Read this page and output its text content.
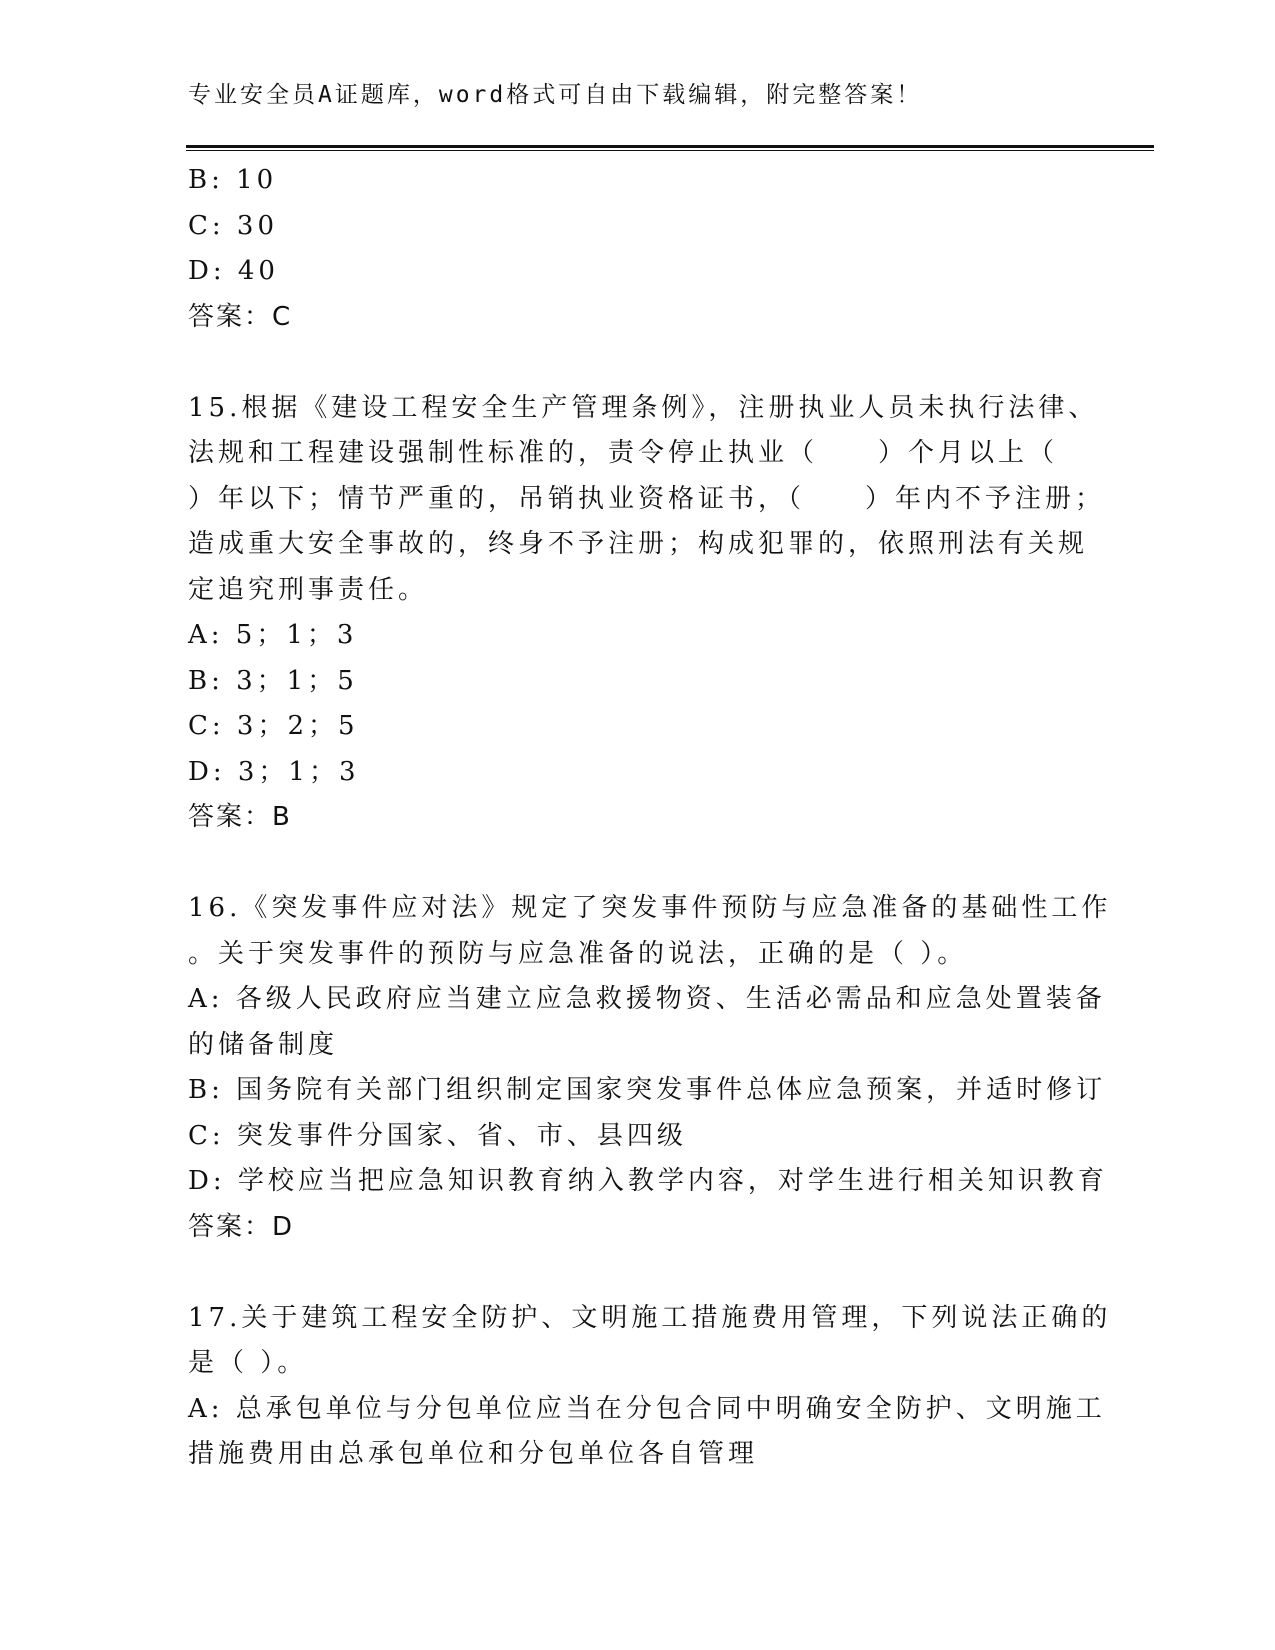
专业安全员A证题库，word格式可自由下载编辑，附完整答案！
B: 10
C: 30
D: 40
答案：C
15.根据《建设工程安全生产管理条例》，注册执业人员未执行法律、
法规和工程建设强制性标准的，责令停止执业（　　）个月以上（
）年以下；情节严重的，吊销执业资格证书，（　　）年内不予注册；
造成重大安全事故的，终身不予注册；构成犯罪的，依照刑法有关规
定追究刑事责任。
A: 5；1；3
B: 3；1；5
C: 3；2；5
D: 3；1；3
答案：B
16.《突发事件应对法》规定了突发事件预防与应急准备的基础性工作
。关于突发事件的预防与应急准备的说法，正确的是（ ）。
A: 各级人民政府应当建立应急救援物资、生活必需品和应急处置装备
的储备制度
B: 国务院有关部门组织制定国家突发事件总体应急预案，并适时修订
C: 突发事件分国家、省、市、县四级
D: 学校应当把应急知识教育纳入教学内容，对学生进行相关知识教育
答案：D
17.关于建筑工程安全防护、文明施工措施费用管理，下列说法正确的
是（ ）。
A: 总承包单位与分包单位应当在分包合同中明确安全防护、文明施工
措施费用由总承包单位和分包单位各自管理
